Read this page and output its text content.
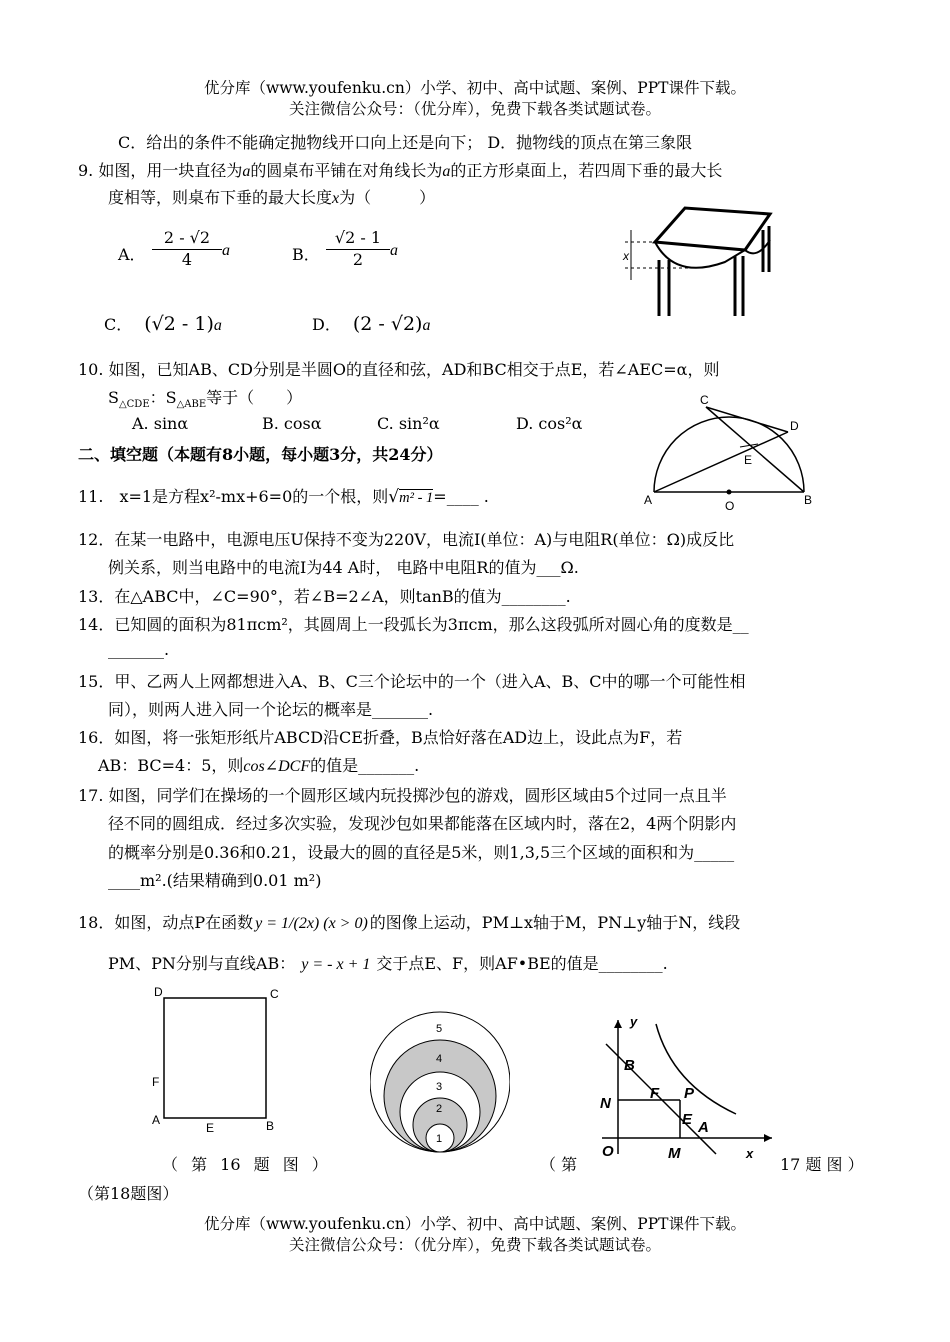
优分库（www.youfenku.cn）小学、初中、高中试题、案例、PPT课件下载。
关注微信公众号：（优分库），免费下载各类试题试卷。
C．给出的条件不能确定抛物线开口向上还是向下； D．抛物线的顶点在第三象限
9. 如图，用一块直径为a的圆桌布平铺在对角线长为a的正方形桌面上，若四周下垂的最大长
度相等，则桌布下垂的最大长度x为（　　　）
A．
2 - √2
4	a	B．
√2 - 1
2	a
C． (√2 - 1)a	D． (2 - √2)a
x
10. 如图，已知AB、CD分别是半圆O的直径和弦，AD和BC相交于点E，若∠AEC=α，则
$S_{\triangle CDE}$：$S_{\triangle ABE}$等于（　　）
A. sinα	B. cosα	C. sin²α	D. cos²α
A	B
C
D
E
O
二、填空题（本题有8小题，每小题3分，共24分）
11.　x=1是方程x²-mx+6=0的一个根，则√m² - 1=____ .
12．在某一电路中，电源电压U保持不变为220V，电流I(单位：A)与电阻R(单位：Ω)成反比
例关系，则当电路中的电流I为44 A时， 电路中电阻R的值为___Ω.
13．在△ABC中，∠C=90°，若∠B=2∠A，则tanB的值为________.
14．已知圆的面积为81πcm²，其圆周上一段弧长为3πcm，那么这段弧所对圆心角的度数是__
_______.
15．甲、乙两人上网都想进入A、B、C三个论坛中的一个（进入A、B、C中的哪一个可能性相
同），则两人进入同一个论坛的概率是_______.
16．如图，将一张矩形纸片ABCD沿CE折叠，B点恰好落在AD边上，设此点为F，若
AB：BC=4：5，则cos∠DCF的值是_______.
17. 如图，同学们在操场的一个圆形区域内玩投掷沙包的游戏，圆形区域由5个过同一点且半
径不同的圆组成．经过多次实验，发现沙包如果都能落在区域内时，落在2，4两个阴影内
的概率分别是0.36和0.21，设最大的圆的直径是5米，则1,3,5三个区域的面积和为_____
____m².(结果精确到0.01 m²)
18．如图，动点P在函数 y = 1/(2x) (x > 0) 的图像上运动，PM⊥x轴于M，PN⊥y轴于N，线段
PM、PN分别与直线AB： y = - x + 1 交于点E、F，则AF•BE的值是________.
D	C
F
A
E	B
5
4
3
2
1
y
B
N
F P
E A
O	M	x
（ 第 16 题 图 ）	（ 第	17 题 图 ）
（第18题图）
优分库（www.youfenku.cn）小学、初中、高中试题、案例、PPT课件下载。
关注微信公众号：（优分库），免费下载各类试题试卷。
